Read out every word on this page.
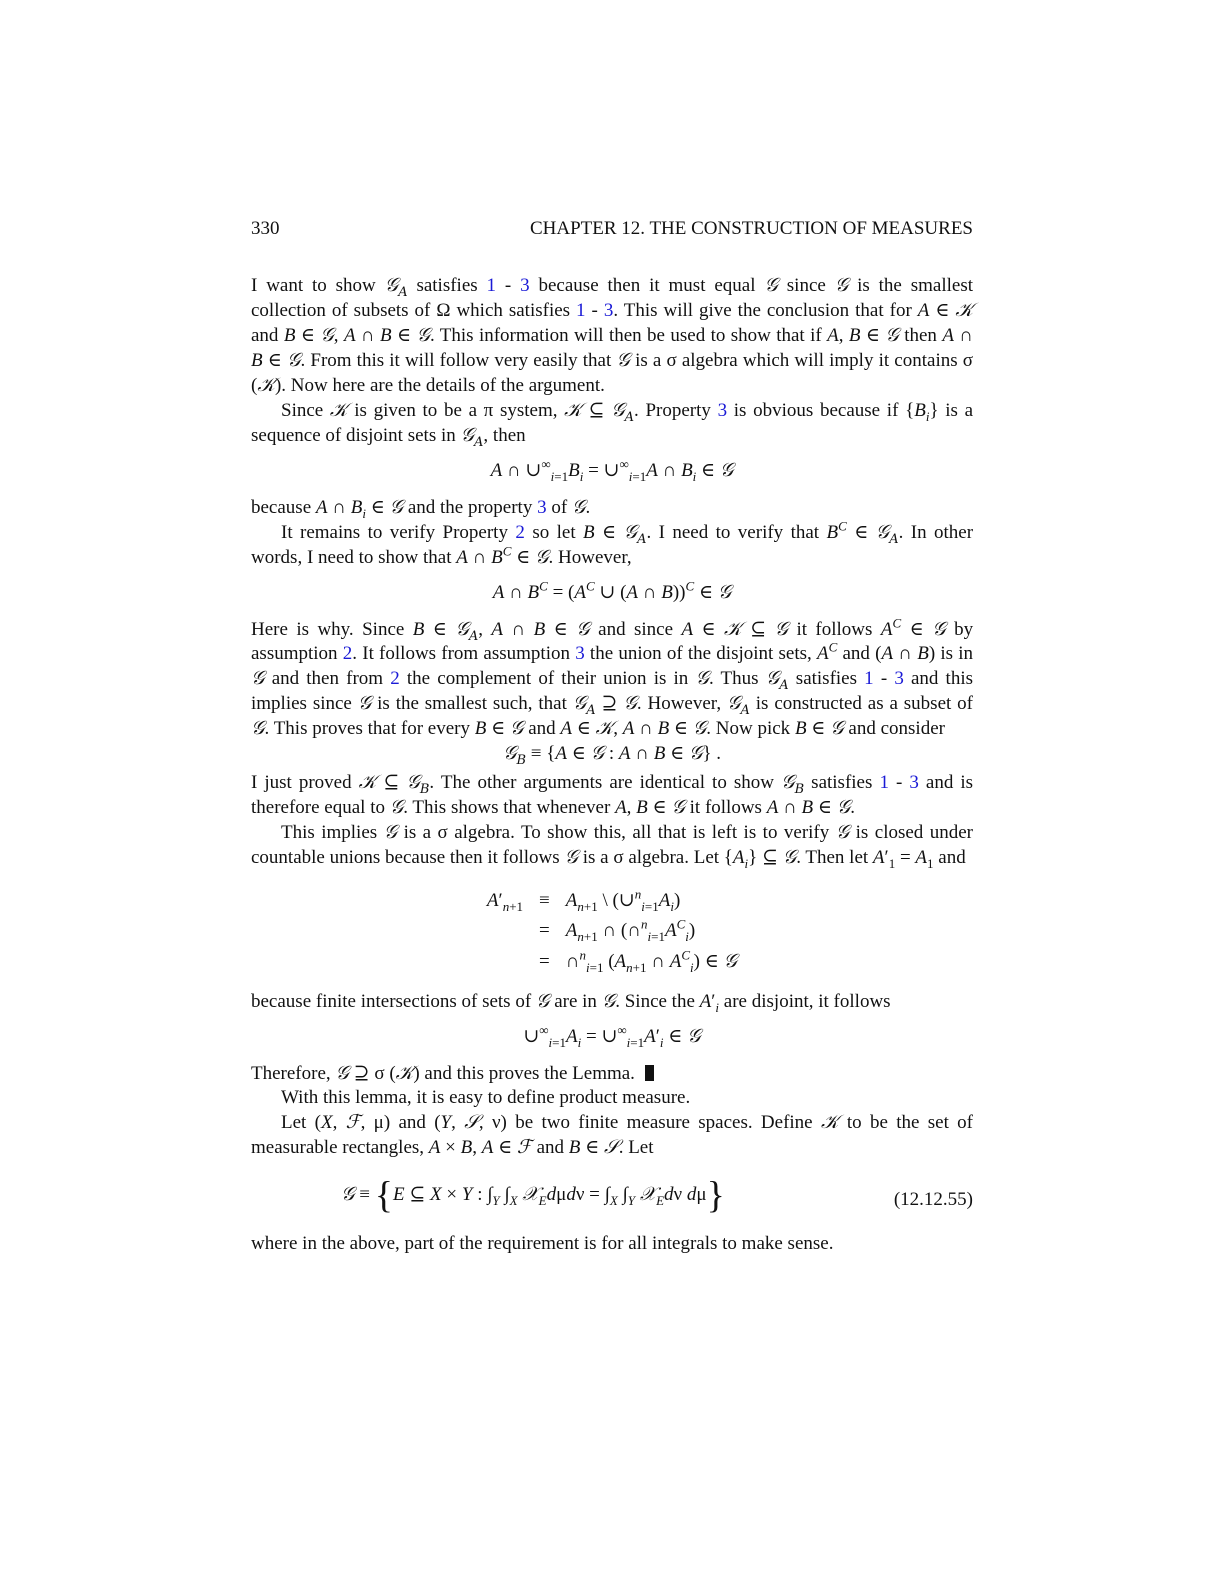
330	CHAPTER 12. THE CONSTRUCTION OF MEASURES

I want to show 𝒢$_A$ satisfies 1 - 3 because then it must equal 𝒢 since 𝒢 is the smallest collection of subsets of Ω which satisfies 1 - 3. This will give the conclusion that for A ∈ 𝒦 and B ∈ 𝒢, A ∩ B ∈ 𝒢. This information will then be used to show that if A, B ∈ 𝒢 then A ∩ B ∈ 𝒢. From this it will follow very easily that 𝒢 is a σ algebra which will imply it contains σ (𝒦). Now here are the details of the argument.

Since 𝒦 is given to be a π system, 𝒦 ⊆ 𝒢$_A$. Property 3 is obvious because if $\{B_i\}$ is a sequence of disjoint sets in 𝒢$_A$, then

A ∩ $\cup^\infty_{i=1}B_i$ = $\cup^\infty_{i=1}A$ ∩ $B_i$ ∈ 𝒢

because A ∩ $B_i$ ∈ 𝒢 and the property 3 of 𝒢.

It remains to verify Property 2 so let B ∈ 𝒢$_A$. I need to verify that $B^C$ ∈ 𝒢$_A$. In other words, I need to show that A ∩ $B^C$ ∈ 𝒢. However,

A ∩ $B^C = (A^C$ ∪ (A ∩ B))$^C$ ∈ 𝒢

Here is why. Since B ∈ 𝒢$_A$, A ∩ B ∈ 𝒢 and since A ∈ 𝒦 ⊆ 𝒢 it follows $A^C$ ∈ 𝒢 by assumption 2. It follows from assumption 3 the union of the disjoint sets, $A^C$ and (A ∩ B) is in 𝒢 and then from 2 the complement of their union is in 𝒢. Thus 𝒢$_A$ satisfies 1 - 3 and this implies since 𝒢 is the smallest such, that 𝒢$_A$ ⊇ 𝒢. However, 𝒢$_A$ is constructed as a subset of 𝒢. This proves that for every B ∈ 𝒢 and A ∈ 𝒦, A ∩ B ∈ 𝒢. Now pick B ∈ 𝒢 and consider

𝒢$_B$ ≡ {A ∈ 𝒢 : A ∩ B ∈ 𝒢} .

I just proved 𝒦 ⊆ 𝒢$_B$. The other arguments are identical to show 𝒢$_B$ satisfies 1 - 3 and is therefore equal to 𝒢. This shows that whenever A, B ∈ 𝒢 it follows A ∩ B ∈ 𝒢.

This implies 𝒢 is a σ algebra. To show this, all that is left is to verify 𝒢 is closed under countable unions because then it follows 𝒢 is a σ algebra. Let $\{A_i\}$ ⊆ 𝒢. Then let $A'_1 = A_1$ and

$A'_{n+1}$	≡	$A_{n+1}$ \ $(\cup^n_{i=1}A_i)$
	=	$A_{n+1}$ ∩ $(\cap^n_{i=1}A^C_i)$
	=	∩$^n_{i=1}$ ($A_{n+1}$ ∩ $A^C_i$) ∈ 𝒢

because finite intersections of sets of 𝒢 are in 𝒢. Since the $A'_i$ are disjoint, it follows

$\cup^\infty_{i=1}A_i$ = $\cup^\infty_{i=1}A'_i$ ∈ 𝒢

Therefore, 𝒢 ⊇ σ (𝒦) and this proves the Lemma.

With this lemma, it is easy to define product measure.

Let (X, ℱ, μ) and (Y, 𝒮, ν) be two finite measure spaces. Define 𝒦 to be the set of measurable rectangles, A × B, A ∈ ℱ and B ∈ 𝒮. Let

𝒢 ≡ {E ⊆ X × Y : $\int_Y$ $\int_X$ 𝒳$_E$dμdν = $\int_X$ $\int_Y$ 𝒳$_E$dν dμ}	(12.12.55)

where in the above, part of the requirement is for all integrals to make sense.
